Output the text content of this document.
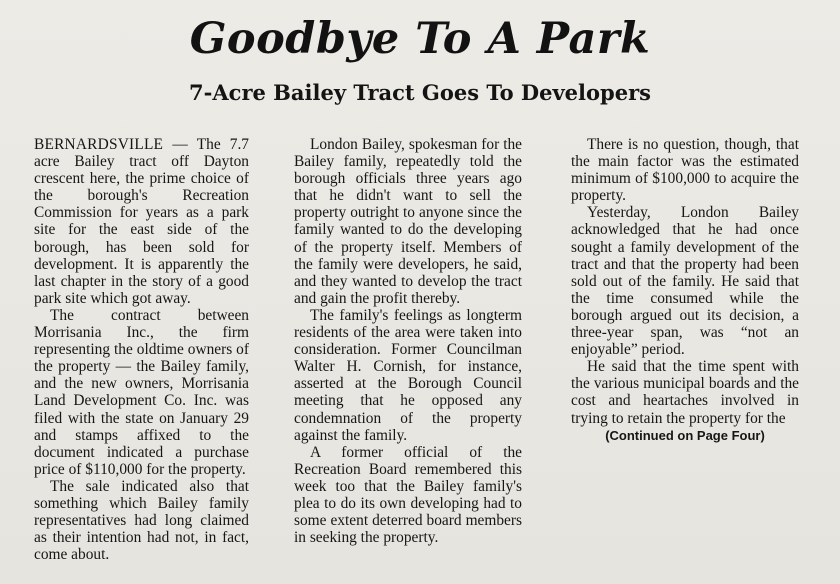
Goodbye To A Park
7-Acre Bailey Tract Goes To Developers

BERNARDSVILLE — The 7.7 acre Bailey tract off Dayton crescent here, the prime choice of the borough's Recreation Commission for years as a park site for the east side of the borough, has been sold for development. It is apparently the last chapter in the story of a good park site which got away.

The contract between Morrisania Inc., the firm representing the oldtime owners of the property — the Bailey family, and the new owners, Morrisania Land Development Co. Inc. was filed with the state on January 29 and stamps affixed to the document indicated a purchase price of $110,000 for the property.

The sale indicated also that something which Bailey family representatives had long claimed as their intention had not, in fact, come about.

London Bailey, spokesman for the Bailey family, repeatedly told the borough officials three years ago that he didn't want to sell the property outright to anyone since the family wanted to do the developing of the property itself. Members of the family were developers, he said, and they wanted to develop the tract and gain the profit thereby.

The family's feelings as longterm residents of the area were taken into consideration. Former Councilman Walter H. Cornish, for instance, asserted at the Borough Council meeting that he opposed any condemnation of the property against the family.

A former official of the Recreation Board remembered this week too that the Bailey family's plea to do its own developing had to some extent deterred board members in seeking the property.

There is no question, though, that the main factor was the estimated minimum of $100,000 to acquire the property.

Yesterday, London Bailey acknowledged that he had once sought a family development of the tract and that the property had been sold out of the family. He said that the time consumed while the borough argued out its decision, a three-year span, was “not an enjoyable” period.

He said that the time spent with the various municipal boards and the cost and heartaches involved in trying to retain the property for the

(Continued on Page Four)
